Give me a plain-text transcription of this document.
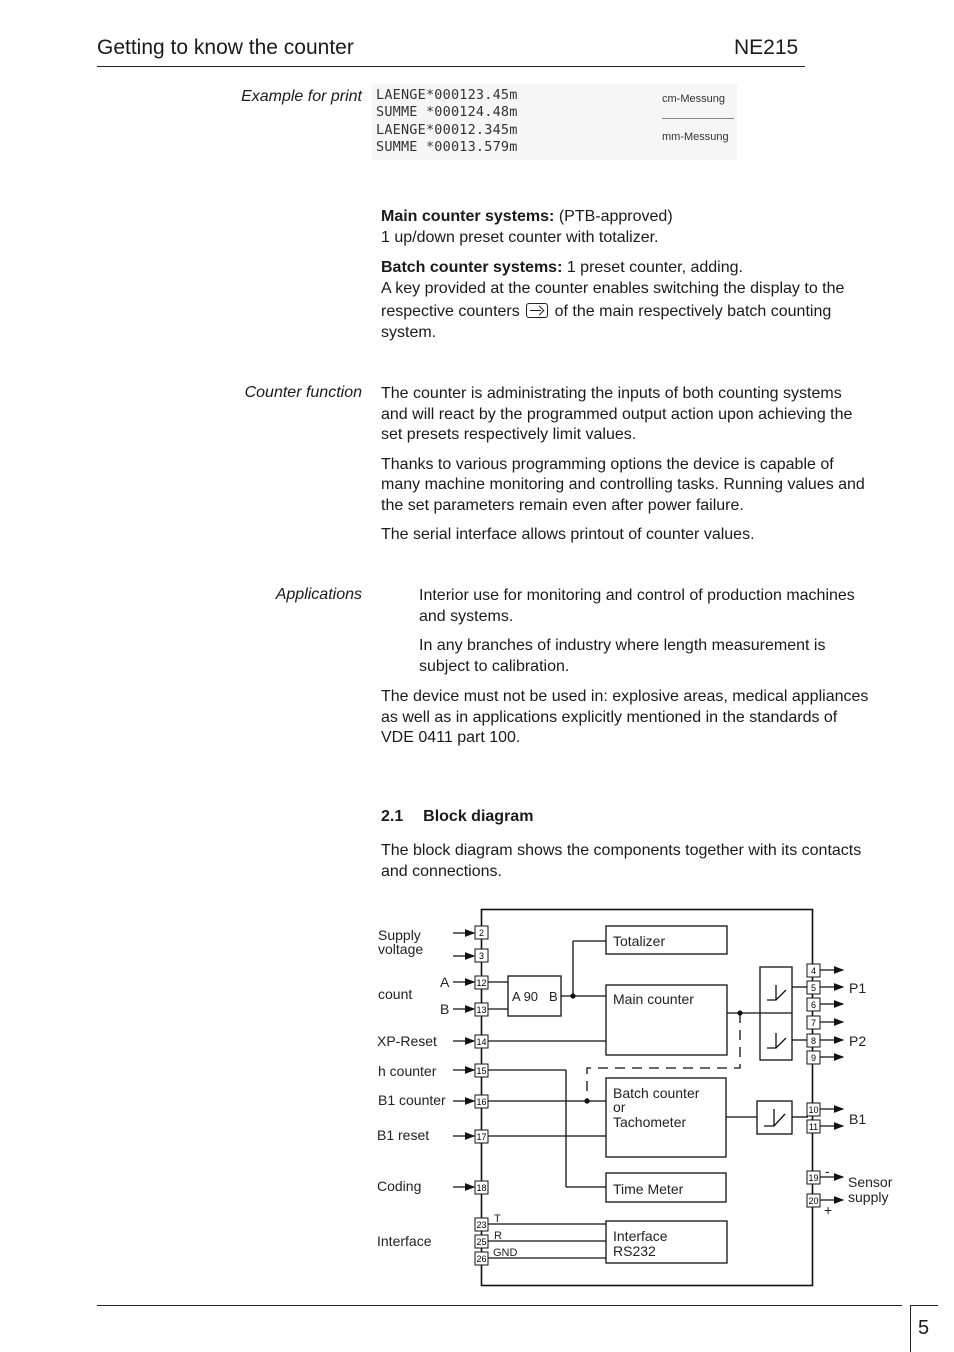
Getting to know the counter	NE215
Example for print LAENGE*000123.45m
SUMME *000124.48m
LAENGE*00012.345m
SUMME *00013.579m
cm-Messung
mm-Messung
Main counter systems: (PTB-approved)
1 up/down preset counter with totalizer.
Batch counter systems: 1 preset counter, adding.
A key provided at the counter enables switching the display to the
respective counters of the main respectively batch counting
system.
Counter function The counter is administrating the inputs of both counting systems
and will react by the programmed output action upon achieving the
set presets respectively limit values.
Thanks to various programming options the device is capable of
many machine monitoring and controlling tasks. Running values and
the set parameters remain even after power failure.
The serial interface allows printout of counter values.
Applications	Interior use for monitoring and control of production machines
and systems.
In any branches of industry where length measurement is
subject to calibration.
The device must not be used in: explosive areas, medical appliances
as well as in applications explicitly mentioned in the standards of
VDE 0411 part 100.
2.1 Block diagram
The block diagram shows the components together with its contacts
and connections.
2
3
12
13
14
15
16
17
18
23
25
26
4
5
6
7
8
9
10
11
19
20
Supply
voltage
count
A
B
XP-Reset
h counter
B1 counter
B1 reset
Coding
Interface
Totalizer
A 90 B	Main counter
Batch counter
or
Tachometer
Time Meter
Interface
RS232
T
R
GND
P1
P2
B1
Sensor
supply
-
+
5
